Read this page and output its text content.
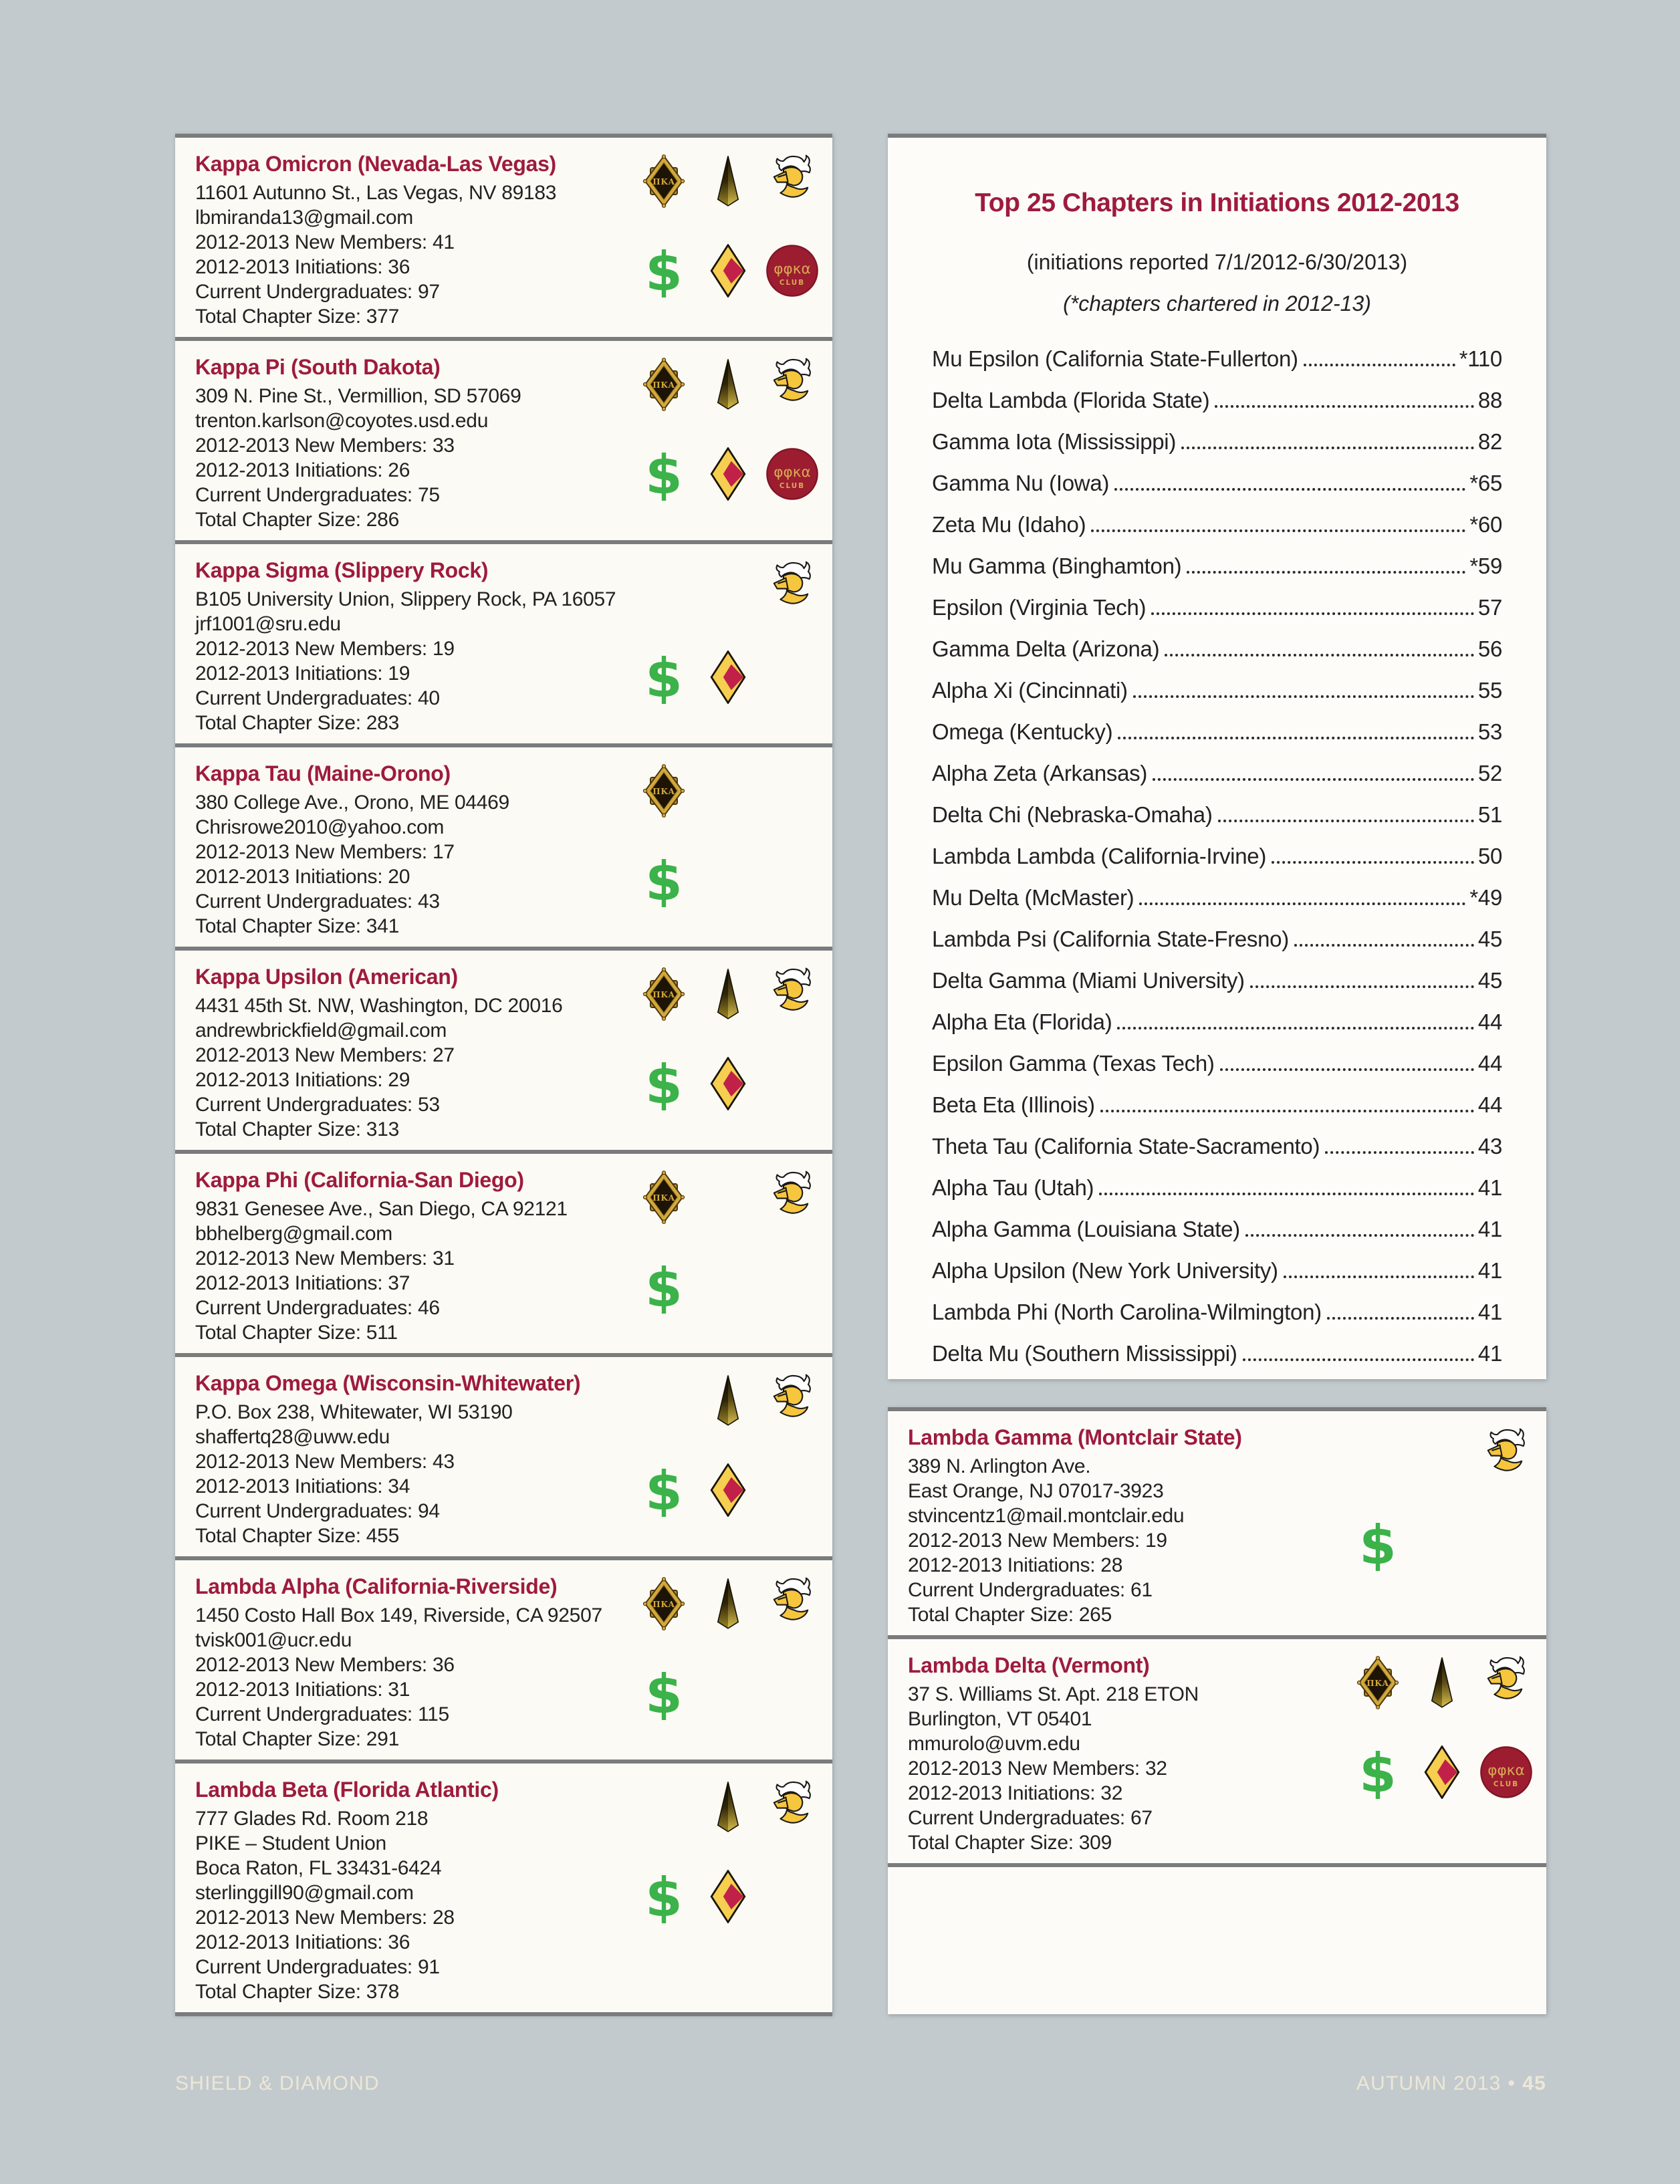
Kappa Omicron (Nevada-Las Vegas)
11601 Autunno St., Las Vegas, NV 89183
lbmiranda13@gmail.com
2012-2013 New Members: 41
2012-2013 Initiations: 36
Current Undergraduates: 97
Total Chapter Size: 377
ΠΚΑ
$	φφκα
CLUB
Kappa Pi (South Dakota)
309 N. Pine St., Vermillion, SD 57069
trenton.karlson@coyotes.usd.edu
2012-2013 New Members: 33
2012-2013 Initiations: 26
Current Undergraduates: 75
Total Chapter Size: 286
ΠΚΑ
$	φφκα
CLUB
Kappa Sigma (Slippery Rock)
B105 University Union, Slippery Rock, PA 16057
jrf1001@sru.edu
2012-2013 New Members: 19
2012-2013 Initiations: 19
Current Undergraduates: 40
Total Chapter Size: 283
$
Kappa Tau (Maine-Orono)
380 College Ave., Orono, ME 04469
Chrisrowe2010@yahoo.com
2012-2013 New Members: 17
2012-2013 Initiations: 20
Current Undergraduates: 43
Total Chapter Size: 341
ΠΚΑ
$
Kappa Upsilon (American)
4431 45th St. NW, Washington, DC 20016
andrewbrickfield@gmail.com
2012-2013 New Members: 27
2012-2013 Initiations: 29
Current Undergraduates: 53
Total Chapter Size: 313
ΠΚΑ
$
Kappa Phi (California-San Diego)
9831 Genesee Ave., San Diego, CA 92121
bbhelberg@gmail.com
2012-2013 New Members: 31
2012-2013 Initiations: 37
Current Undergraduates: 46
Total Chapter Size: 511
ΠΚΑ
$
Kappa Omega (Wisconsin-Whitewater)
P.O. Box 238, Whitewater, WI 53190
shaffertq28@uww.edu
2012-2013 New Members: 43
2012-2013 Initiations: 34
Current Undergraduates: 94
Total Chapter Size: 455
$
Lambda Alpha (California-Riverside)
1450 Costo Hall Box 149, Riverside, CA 92507
tvisk001@ucr.edu
2012-2013 New Members: 36
2012-2013 Initiations: 31
Current Undergraduates: 115
Total Chapter Size: 291
ΠΚΑ
$
Lambda Beta (Florida Atlantic)
777 Glades Rd. Room 218
PIKE – Student Union
Boca Raton, FL 33431-6424
sterlinggill90@gmail.com
2012-2013 New Members: 28
2012-2013 Initiations: 36
Current Undergraduates: 91
Total Chapter Size: 378
$
Top 25 Chapters in Initiations 2012-2013

(initiations reported 7/1/2012-6/30/2013)

(*chapters chartered in 2012-13)

Mu Epsilon (California State-Fullerton)	*110
Delta Lambda (Florida State)	88
Gamma Iota (Mississippi)	82
Gamma Nu (Iowa)	*65
Zeta Mu (Idaho)	*60
Mu Gamma (Binghamton)	*59
Epsilon (Virginia Tech)	57
Gamma Delta (Arizona)	56
Alpha Xi (Cincinnati)	55
Omega (Kentucky)	53
Alpha Zeta (Arkansas)	52
Delta Chi (Nebraska-Omaha)	51
Lambda Lambda (California-Irvine)	50
Mu Delta (McMaster)	*49
Lambda Psi (California State-Fresno)	45
Delta Gamma (Miami University)	45
Alpha Eta (Florida)	44
Epsilon Gamma (Texas Tech)	44
Beta Eta (Illinois)	44
Theta Tau (California State-Sacramento)	43
Alpha Tau (Utah)	41
Alpha Gamma (Louisiana State)	41
Alpha Upsilon (New York University)	41
Lambda Phi (North Carolina-Wilmington)	41
Delta Mu (Southern Mississippi)	41
Lambda Gamma (Montclair State)
389 N. Arlington Ave.
East Orange, NJ 07017-3923
stvincentz1@mail.montclair.edu
2012-2013 New Members: 19
2012-2013 Initiations: 28
Current Undergraduates: 61
Total Chapter Size: 265
$
Lambda Delta (Vermont)
37 S. Williams St. Apt. 218 ETON
Burlington, VT 05401
mmurolo@uvm.edu
2012-2013 New Members: 32
2012-2013 Initiations: 32
Current Undergraduates: 67
Total Chapter Size: 309
ΠΚΑ
$	φφκα
CLUB
SHIELD & DIAMOND	AUTUMN 2013 • 45
